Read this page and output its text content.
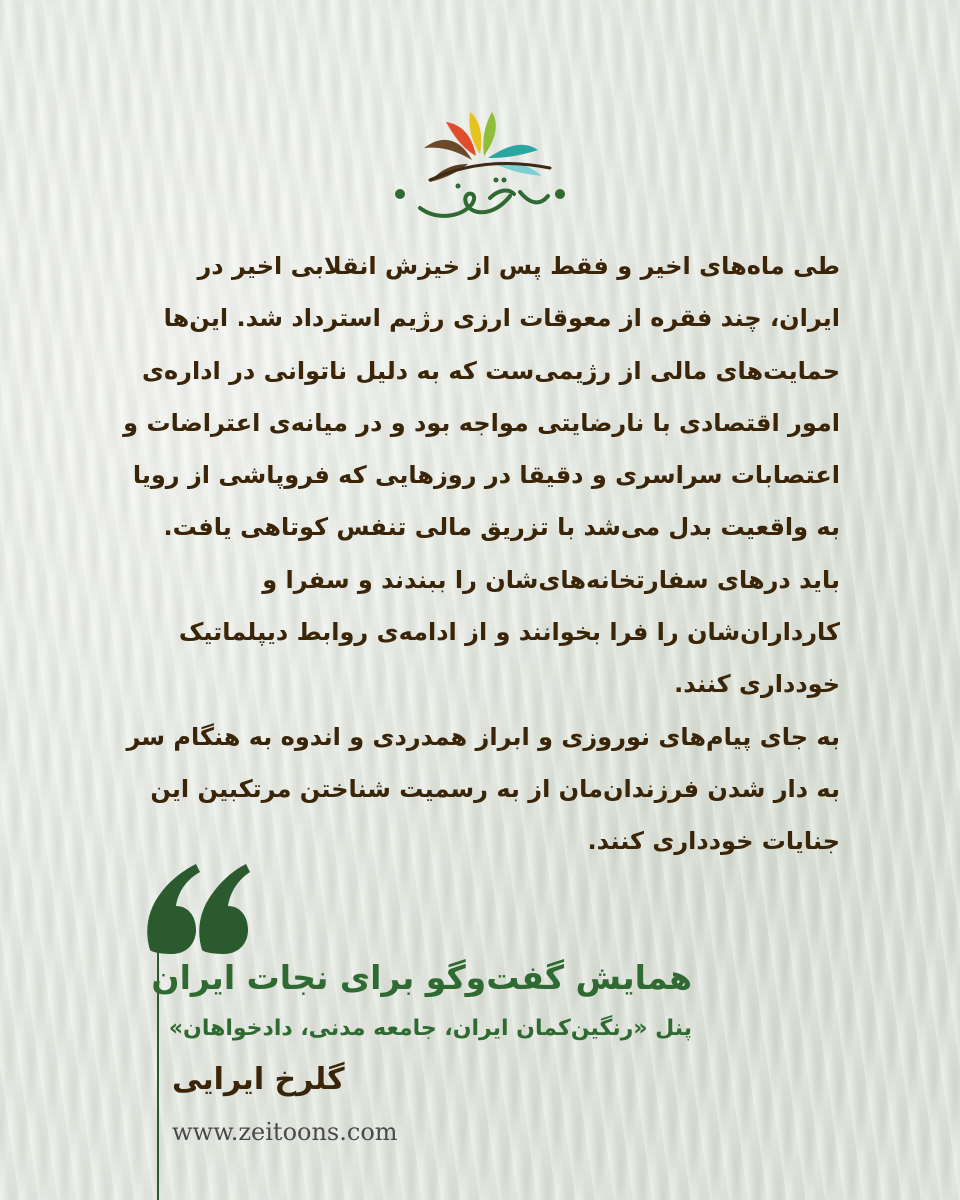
طی ماه‌های اخیر و فقط پس از خیزش انقلابی اخیر در ایران، چند فقره از معوقات ارزی رژیم استرداد شد. این‌ها حمایت‌های مالی از رژیمی‌ست که به دلیل ناتوانی در اداره‌ی امور اقتصادی با نارضایتی مواجه بود و در میانه‌ی اعتراضات و اعتصابات سراسری و دقیقا در روزهایی که فروپاشی از رویا به واقعیت بدل می‌شد با تزریق مالی تنفس کوتاهی یافت.

باید درهای سفارتخانه‌های‌شان را ببندند و سفرا و کارداران‌شان را فرا بخوانند و از ادامه‌ی روابط دیپلماتیک خودداری کنند.

به جای پیام‌های نوروزی و ابراز همدردی و اندوه به هنگام سر به دار شدن فرزندان‌مان از به رسمیت شناختن مرتکبین این جنایات خودداری کنند.

همایش گفت‌وگو برای نجات ایران
پنل «رنگین‌کمان ایران، جامعه مدنی، دادخواهان»
گلرخ ایرایی
www.zeitoons.com
